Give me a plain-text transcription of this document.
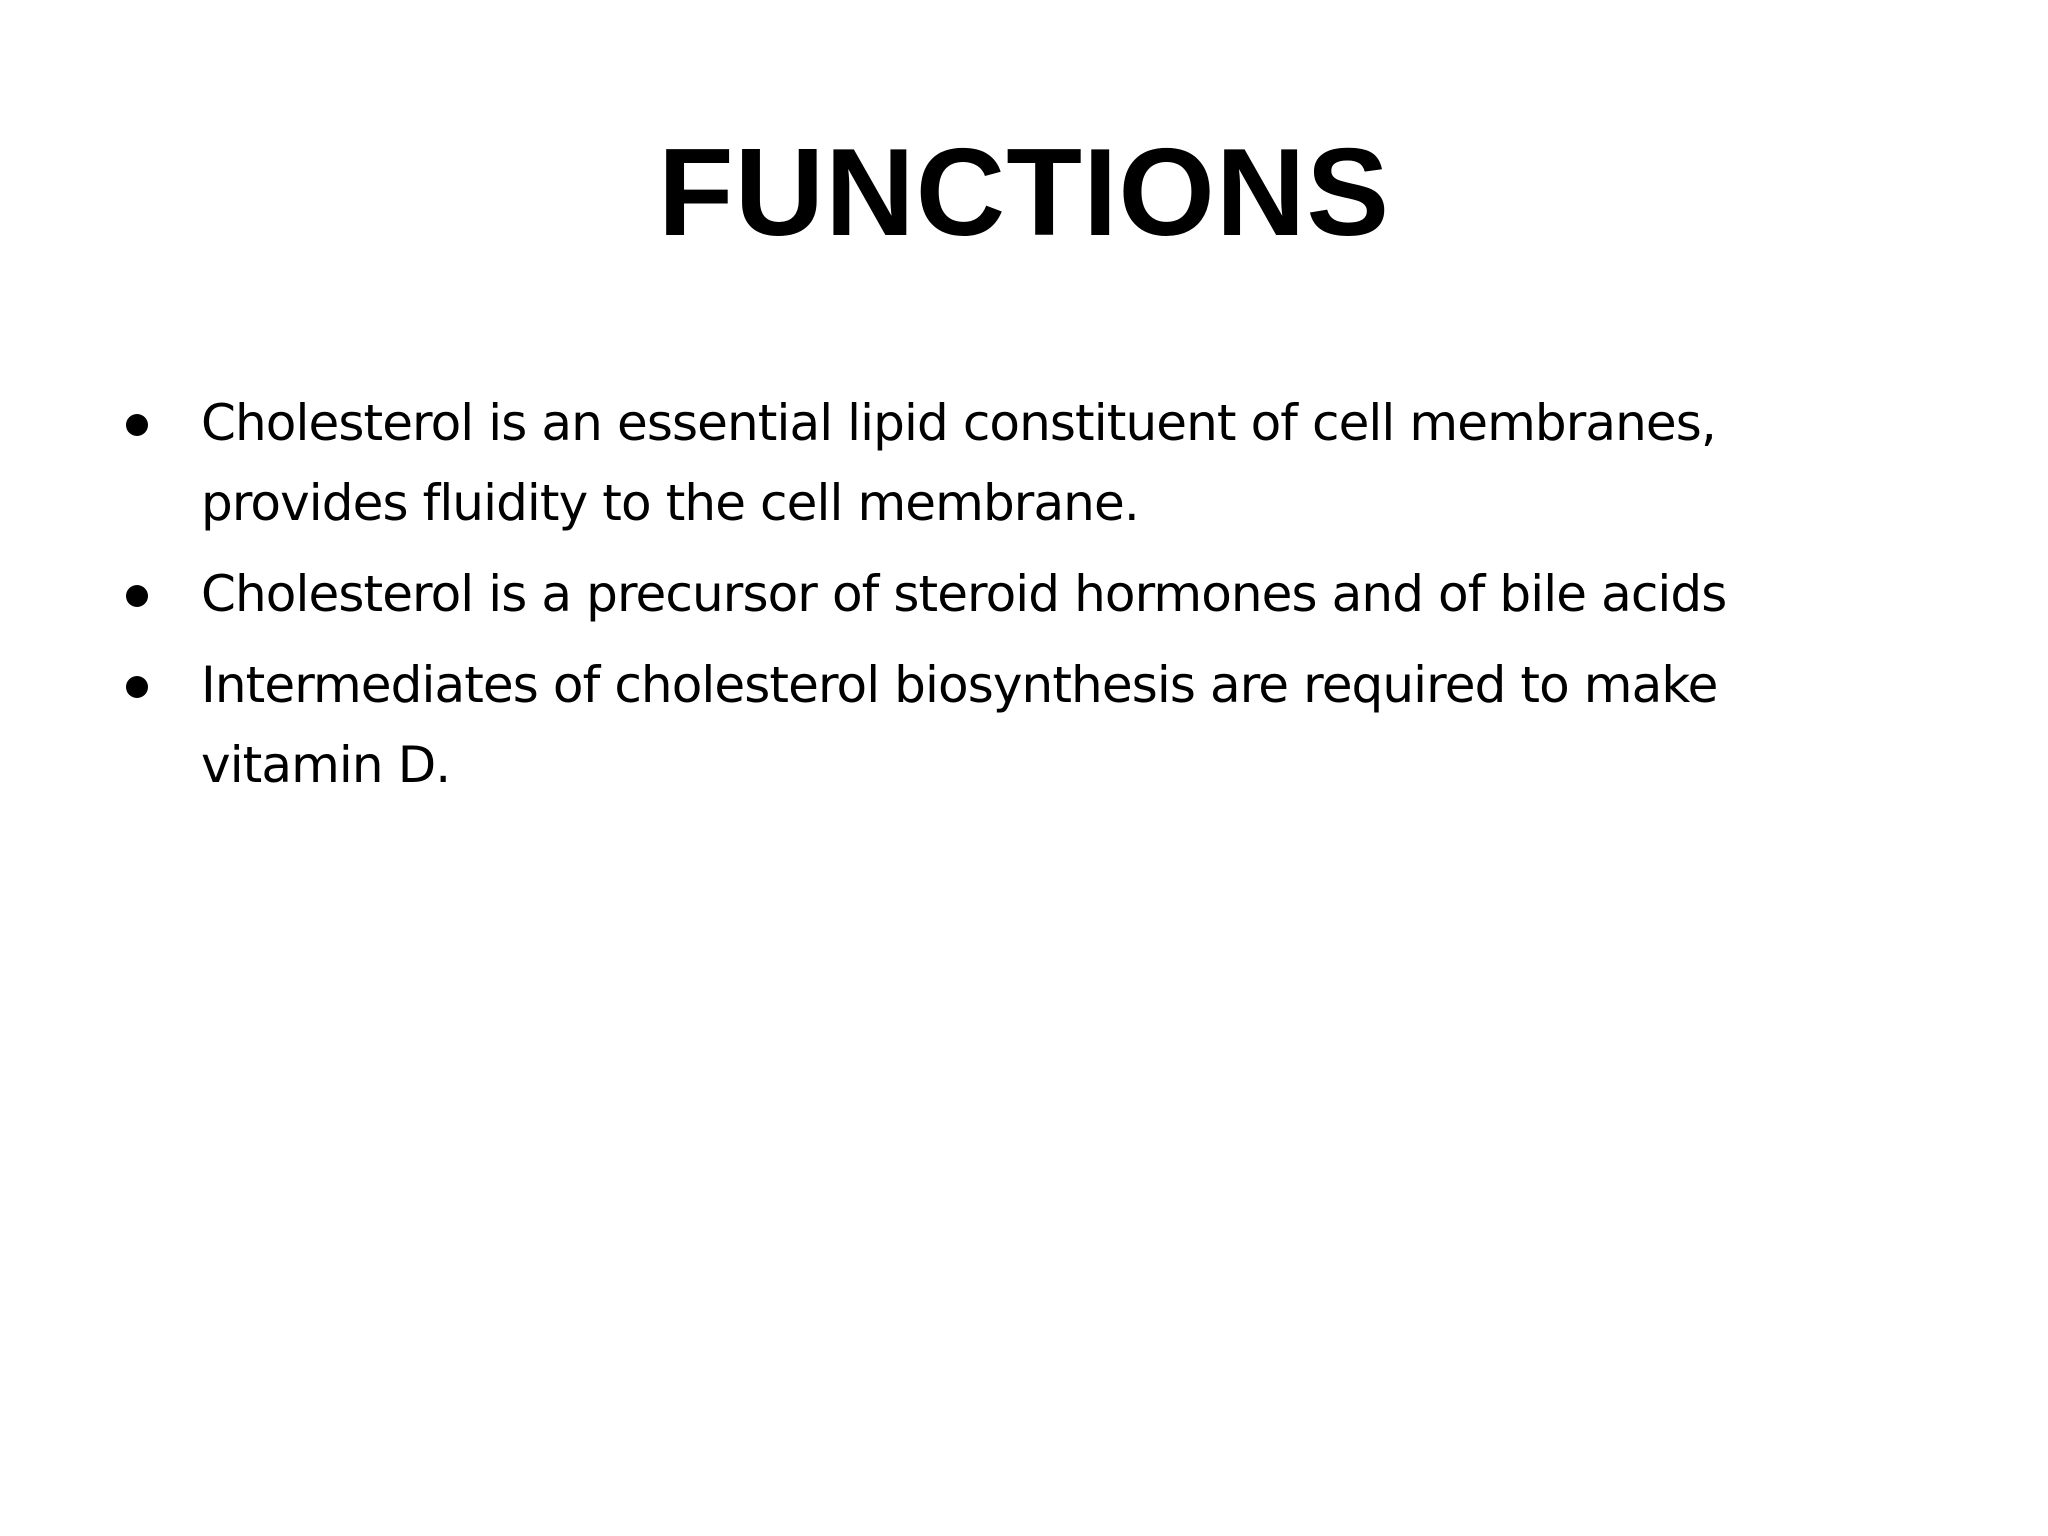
FUNCTIONS
Cholesterol is an essential lipid constituent of cell membranes,
provides fluidity to the cell membrane.
Cholesterol is a precursor of steroid hormones and of bile acids
Intermediates of cholesterol biosynthesis are required to make
vitamin D.
